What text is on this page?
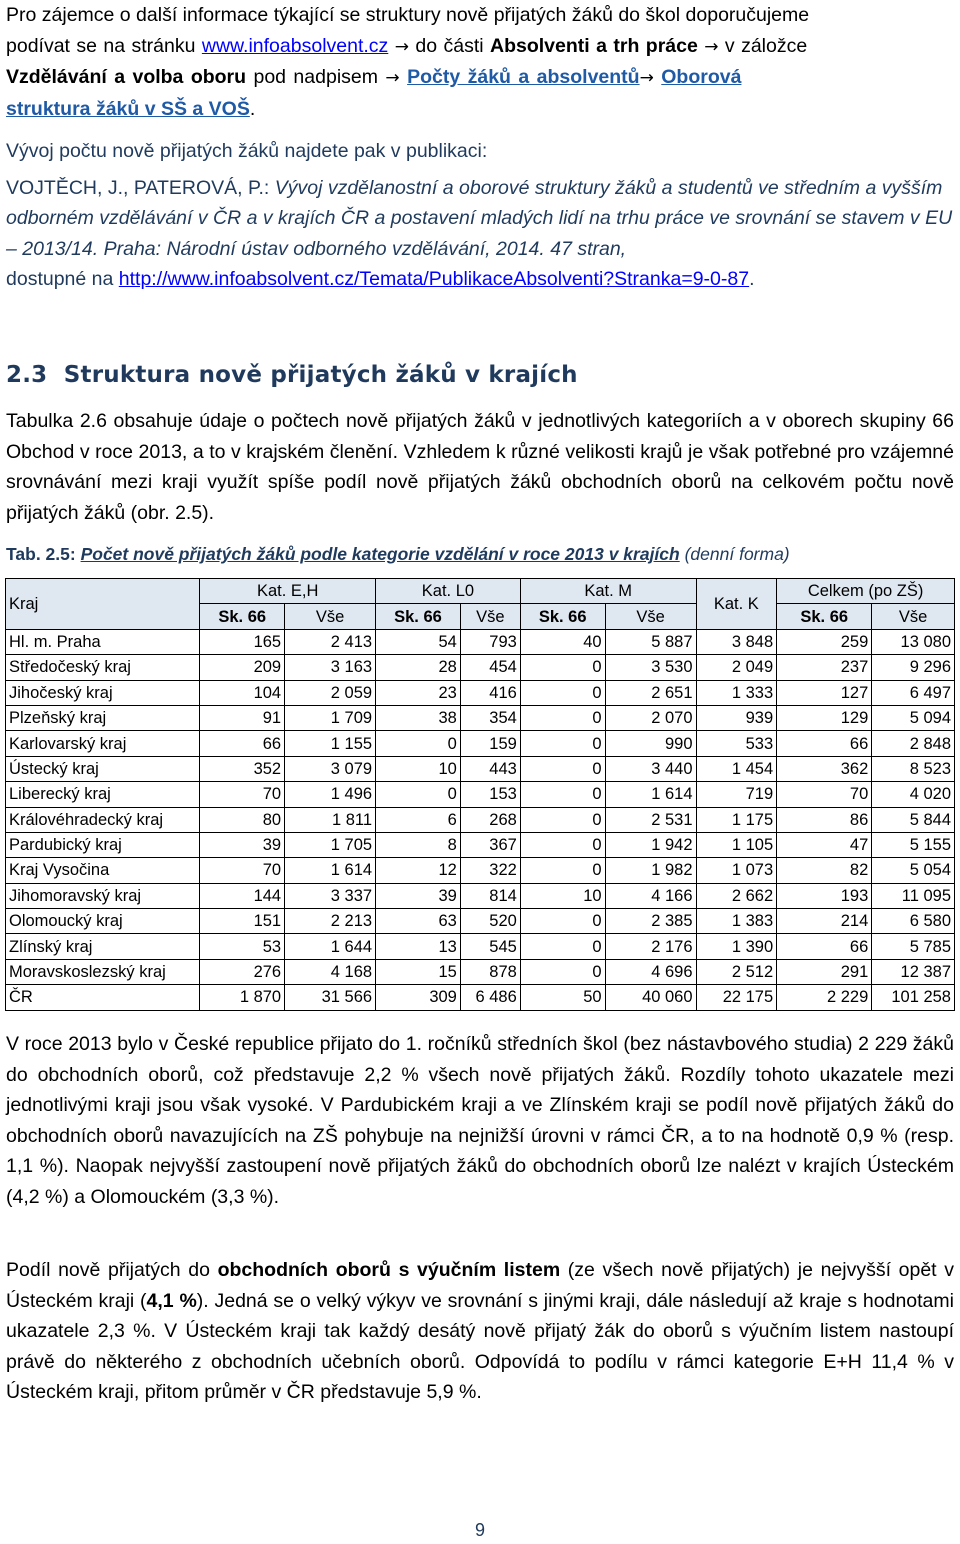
Pro zájemce o další informace týkající se struktury nově přijatých žáků do škol doporučujeme

podívat se na stránku www.infoabsolvent.cz → do části Absolventi a trh práce → v záložce

Vzdělávání a volba oboru pod nadpisem → Počty žáků a absolventů→ Oborová

struktura žáků v SŠ a VOŠ.

Vývoj počtu nově přijatých žáků najdete pak v publikaci:

VOJTĚCH, J., PATEROVÁ, P.: Vývoj vzdělanostní a oborové struktury žáků a studentů ve středním a vyšším odborném vzdělávání v ČR a v krajích ČR a postavení mladých lidí na trhu práce ve srovnání se stavem v EU – 2013/14. Praha: Národní ústav odborného vzdělávání, 2014. 47 stran,
dostupné na http://www.infoabsolvent.cz/Temata/PublikaceAbsolventi?Stranka=9-0-87.

2.3  Struktura nově přijatých žáků v krajích

Tabulka 2.6 obsahuje údaje o počtech nově přijatých žáků v jednotlivých kategoriích a v oborech skupiny 66 Obchod v roce 2013, a to v krajském členění. Vzhledem k různé velikosti krajů je však potřebné pro vzájemné srovnávání mezi kraji využít spíše podíl nově přijatých žáků obchodních oborů na celkovém počtu nově přijatých žáků (obr. 2.5).

Tab. 2.5: Počet nově přijatých žáků podle kategorie vzdělání v roce 2013 v krajích (denní forma)

Kraj	Kat. E,H		Kat. L0		Kat. M		Kat. K	Celkem (po ZŠ)	
	Sk. 66	Vše	Sk. 66	Vše	Sk. 66	Vše		Sk. 66	Vše
Hl. m. Praha	165	2 413	54	793	40	5 887	3 848	259	13 080
Středočeský kraj	209	3 163	28	454	0	3 530	2 049	237	9 296
Jihočeský kraj	104	2 059	23	416	0	2 651	1 333	127	6 497
Plzeňský kraj	91	1 709	38	354	0	2 070	939	129	5 094
Karlovarský kraj	66	1 155	0	159	0	990	533	66	2 848
Ústecký kraj	352	3 079	10	443	0	3 440	1 454	362	8 523
Liberecký kraj	70	1 496	0	153	0	1 614	719	70	4 020
Královéhradecký kraj	80	1 811	6	268	0	2 531	1 175	86	5 844
Pardubický kraj	39	1 705	8	367	0	1 942	1 105	47	5 155
Kraj Vysočina	70	1 614	12	322	0	1 982	1 073	82	5 054
Jihomoravský kraj	144	3 337	39	814	10	4 166	2 662	193	11 095
Olomoucký kraj	151	2 213	63	520	0	2 385	1 383	214	6 580
Zlínský kraj	53	1 644	13	545	0	2 176	1 390	66	5 785
Moravskoslezský kraj	276	4 168	15	878	0	4 696	2 512	291	12 387
ČR	1 870	31 566	309	6 486	50	40 060	22 175	2 229	101 258

V roce 2013 bylo v České republice přijato do 1. ročníků středních škol (bez nástavbového studia) 2 229 žáků do obchodních oborů, což představuje 2,2 % všech nově přijatých žáků. Rozdíly tohoto ukazatele mezi jednotlivými kraji jsou však vysoké. V Pardubickém kraji a ve Zlínském kraji se podíl nově přijatých žáků do obchodních oborů navazujících na ZŠ pohybuje na nejnižší úrovni v rámci ČR, a to na hodnotě 0,9 % (resp. 1,1 %). Naopak nejvyšší zastoupení nově přijatých žáků do obchodních oborů lze nalézt v krajích Ústeckém (4,2 %) a Olomouckém (3,3 %).

Podíl nově přijatých do obchodních oborů s výučním listem (ze všech nově přijatých) je nejvyšší opět v Ústeckém kraji (4,1 %). Jedná se o velký výkyv ve srovnání s jinými kraji, dále následují až kraje s hodnotami ukazatele 2,3 %. V Ústeckém kraji tak každý desátý nově přijatý žák do oborů s výučním listem nastoupí právě do některého z obchodních učebních oborů. Odpovídá to podílu v rámci kategorie E+H 11,4 % v Ústeckém kraji, přitom průměr v ČR představuje 5,9 %.

9
